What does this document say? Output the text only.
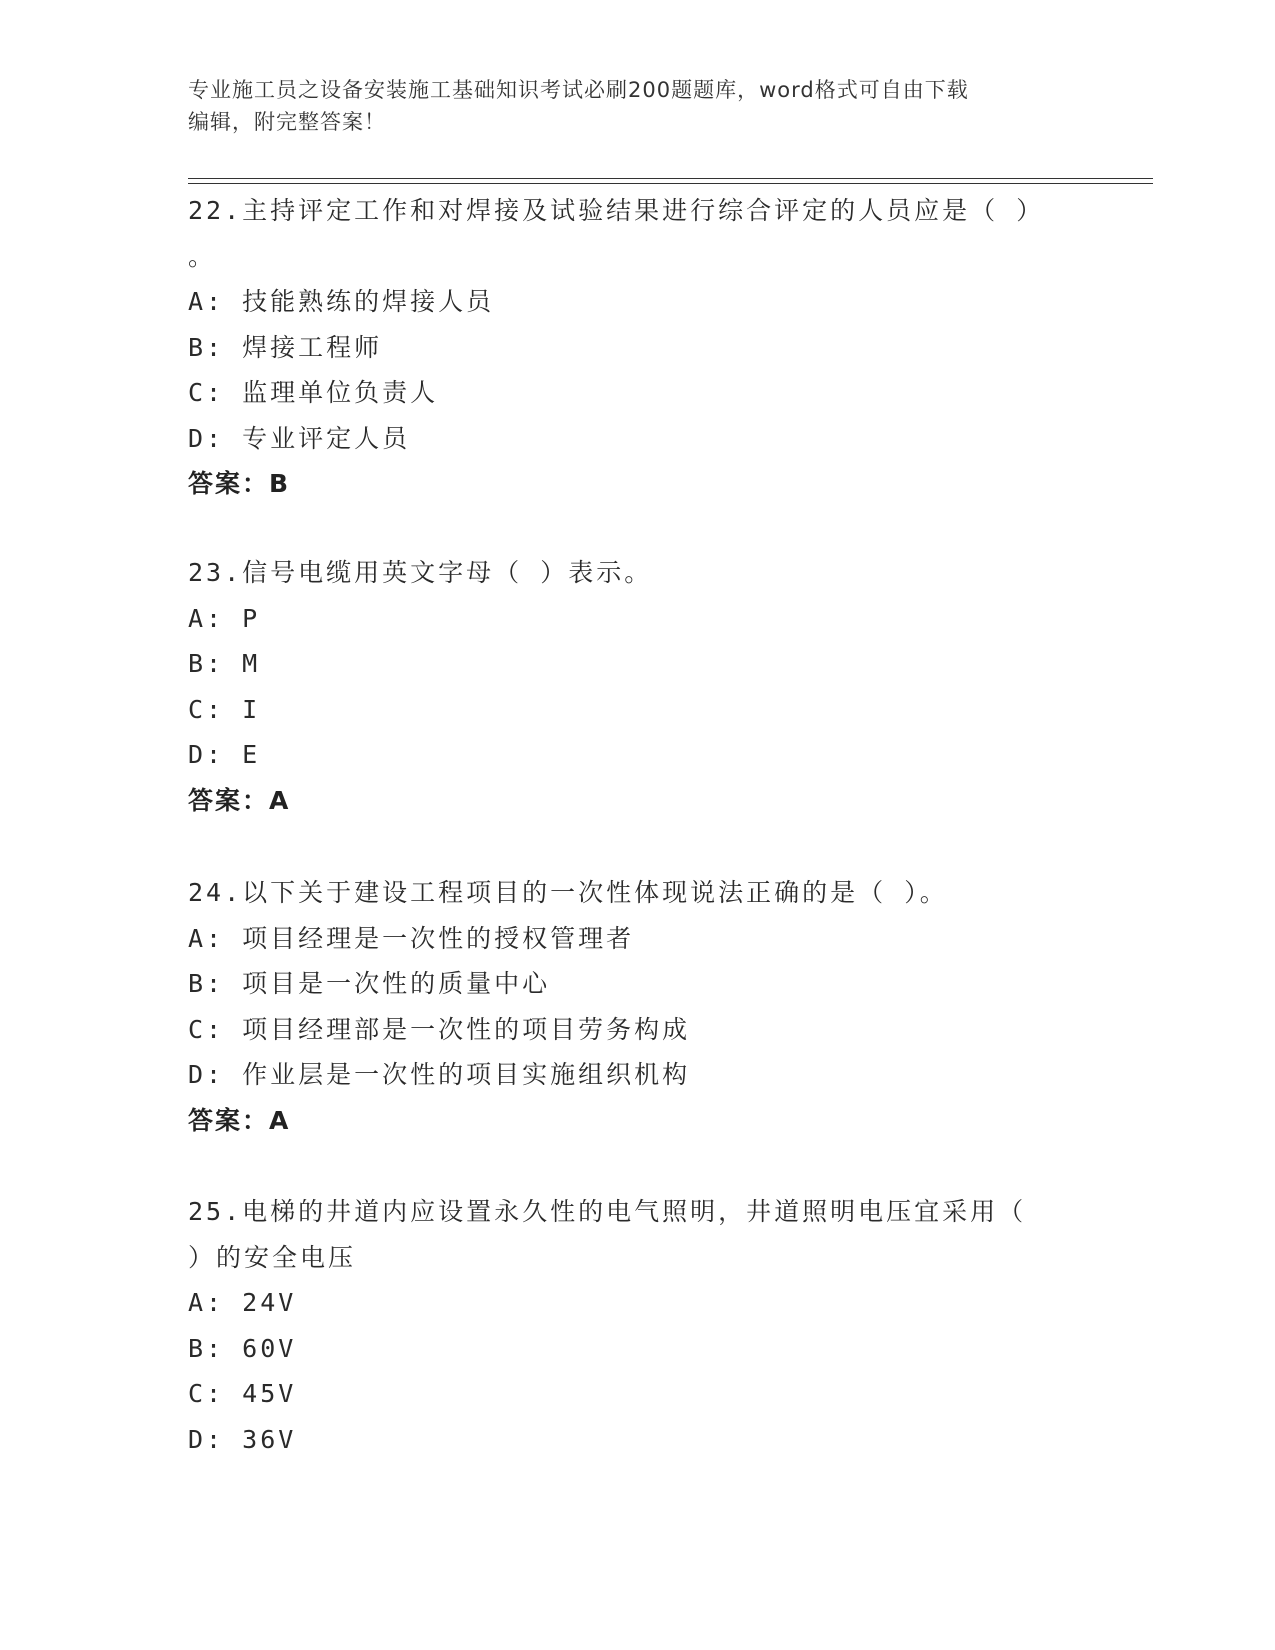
专业施工员之设备安装施工基础知识考试必刷200题题库，word格式可自由下载
编辑，附完整答案！
22.主持评定工作和对焊接及试验结果进行综合评定的人员应是（ ）
。
A: 技能熟练的焊接人员
B: 焊接工程师
C: 监理单位负责人
D: 专业评定人员
答案：B
23.信号电缆用英文字母（ ）表示。
A: P
B: M
C: I
D: E
答案：A
24.以下关于建设工程项目的一次性体现说法正确的是（ ）。
A: 项目经理是一次性的授权管理者
B: 项目是一次性的质量中心
C: 项目经理部是一次性的项目劳务构成
D: 作业层是一次性的项目实施组织机构
答案：A
25.电梯的井道内应设置永久性的电气照明，井道照明电压宜采用（
）的安全电压
A: 24V
B: 60V
C: 45V
D: 36V
